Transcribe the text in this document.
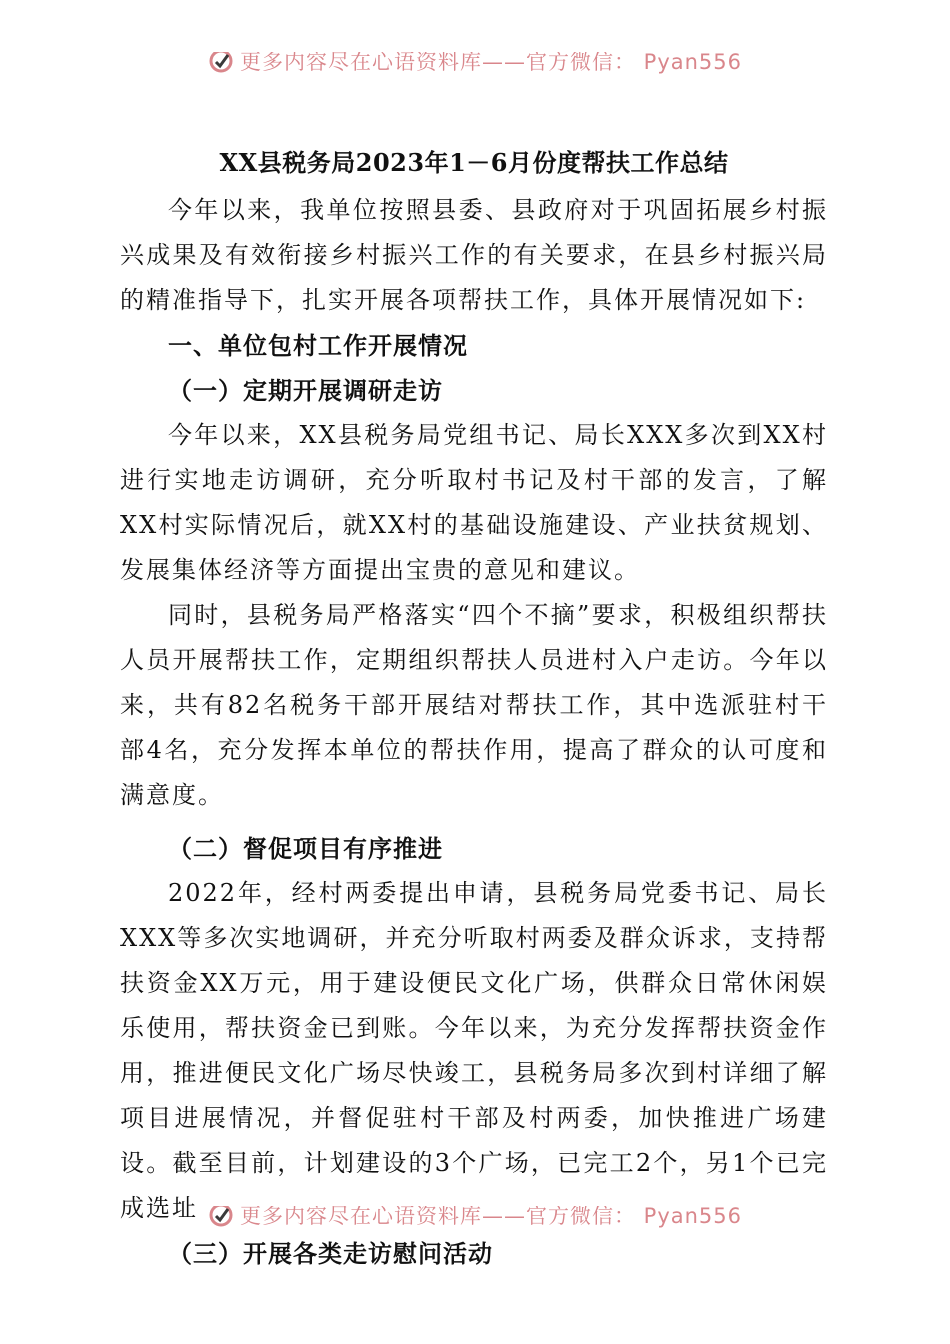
更多内容尽在心语资料库——官方微信： Pyan556
XX县税务局2023年1－6月份度帮扶工作总结

今年以来，我单位按照县委、县政府对于巩固拓展乡村振兴成果及有效衔接乡村振兴工作的有关要求，在县乡村振兴局的精准指导下，扎实开展各项帮扶工作，具体开展情况如下:

一、单位包村工作开展情况
（一）定期开展调研走访

今年以来，XX县税务局党组书记、局长XXX多次到XX村进行实地走访调研，充分听取村书记及村干部的发言，了解XX村实际情况后，就XX村的基础设施建设、产业扶贫规划、发展集体经济等方面提出宝贵的意见和建议。

同时，县税务局严格落实“四个不摘”要求，积极组织帮扶人员开展帮扶工作，定期组织帮扶人员进村入户走访。今年以来，共有82名税务干部开展结对帮扶工作，其中选派驻村干部4名，充分发挥本单位的帮扶作用，提高了群众的认可度和满意度。

（二）督促项目有序推进

2022年，经村两委提出申请，县税务局党委书记、局长XXX等多次实地调研，并充分听取村两委及群众诉求，支持帮扶资金XX万元，用于建设便民文化广场，供群众日常休闲娱乐使用，帮扶资金已到账。今年以来，为充分发挥帮扶资金作用，推进便民文化广场尽快竣工，县税务局多次到村详细了解项目进展情况，并督促驻村干部及村两委，加快推进广场建设。截至目前，计划建设的3个广场，已完工2个，另1个已完成选址

（三）开展各类走访慰问活动
更多内容尽在心语资料库——官方微信： Pyan556
